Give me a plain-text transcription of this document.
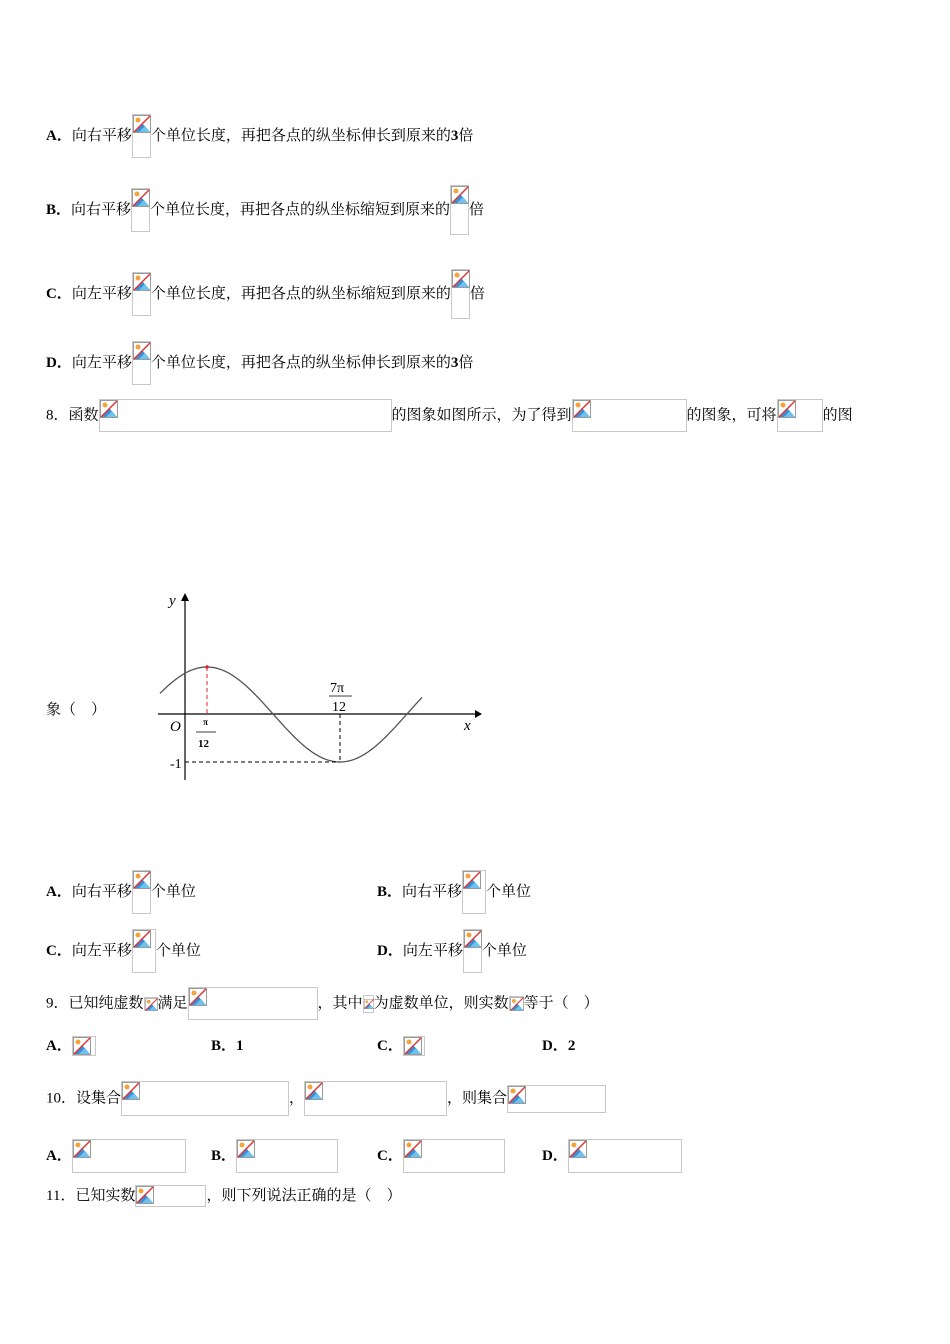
A．向右平移 个单位长度，再把各点的纵坐标伸长到原来的3倍
B．向右平移 个单位长度，再把各点的纵坐标缩短到原来的 倍
C．向左平移 个单位长度，再把各点的纵坐标缩短到原来的 倍
D．向左平移 个单位长度，再把各点的纵坐标伸长到原来的3倍
8．函数	的图象如图所示，为了得到	的图象，可将	的图
象（　）
y
x
O π
12
7π
12
-1
A．向右平移 个单位	B．向右平移 个单位
C．向左平移 个单位	D．向左平移 个单位
9．已知纯虚数 满足	，其中 为虚数单位，则实数 等于（　）
A．	B．1	C．	D．2
10．设集合	，	，则集合
A．	B．	C．	D．
11．已知实数	，则下列说法正确的是（　）
